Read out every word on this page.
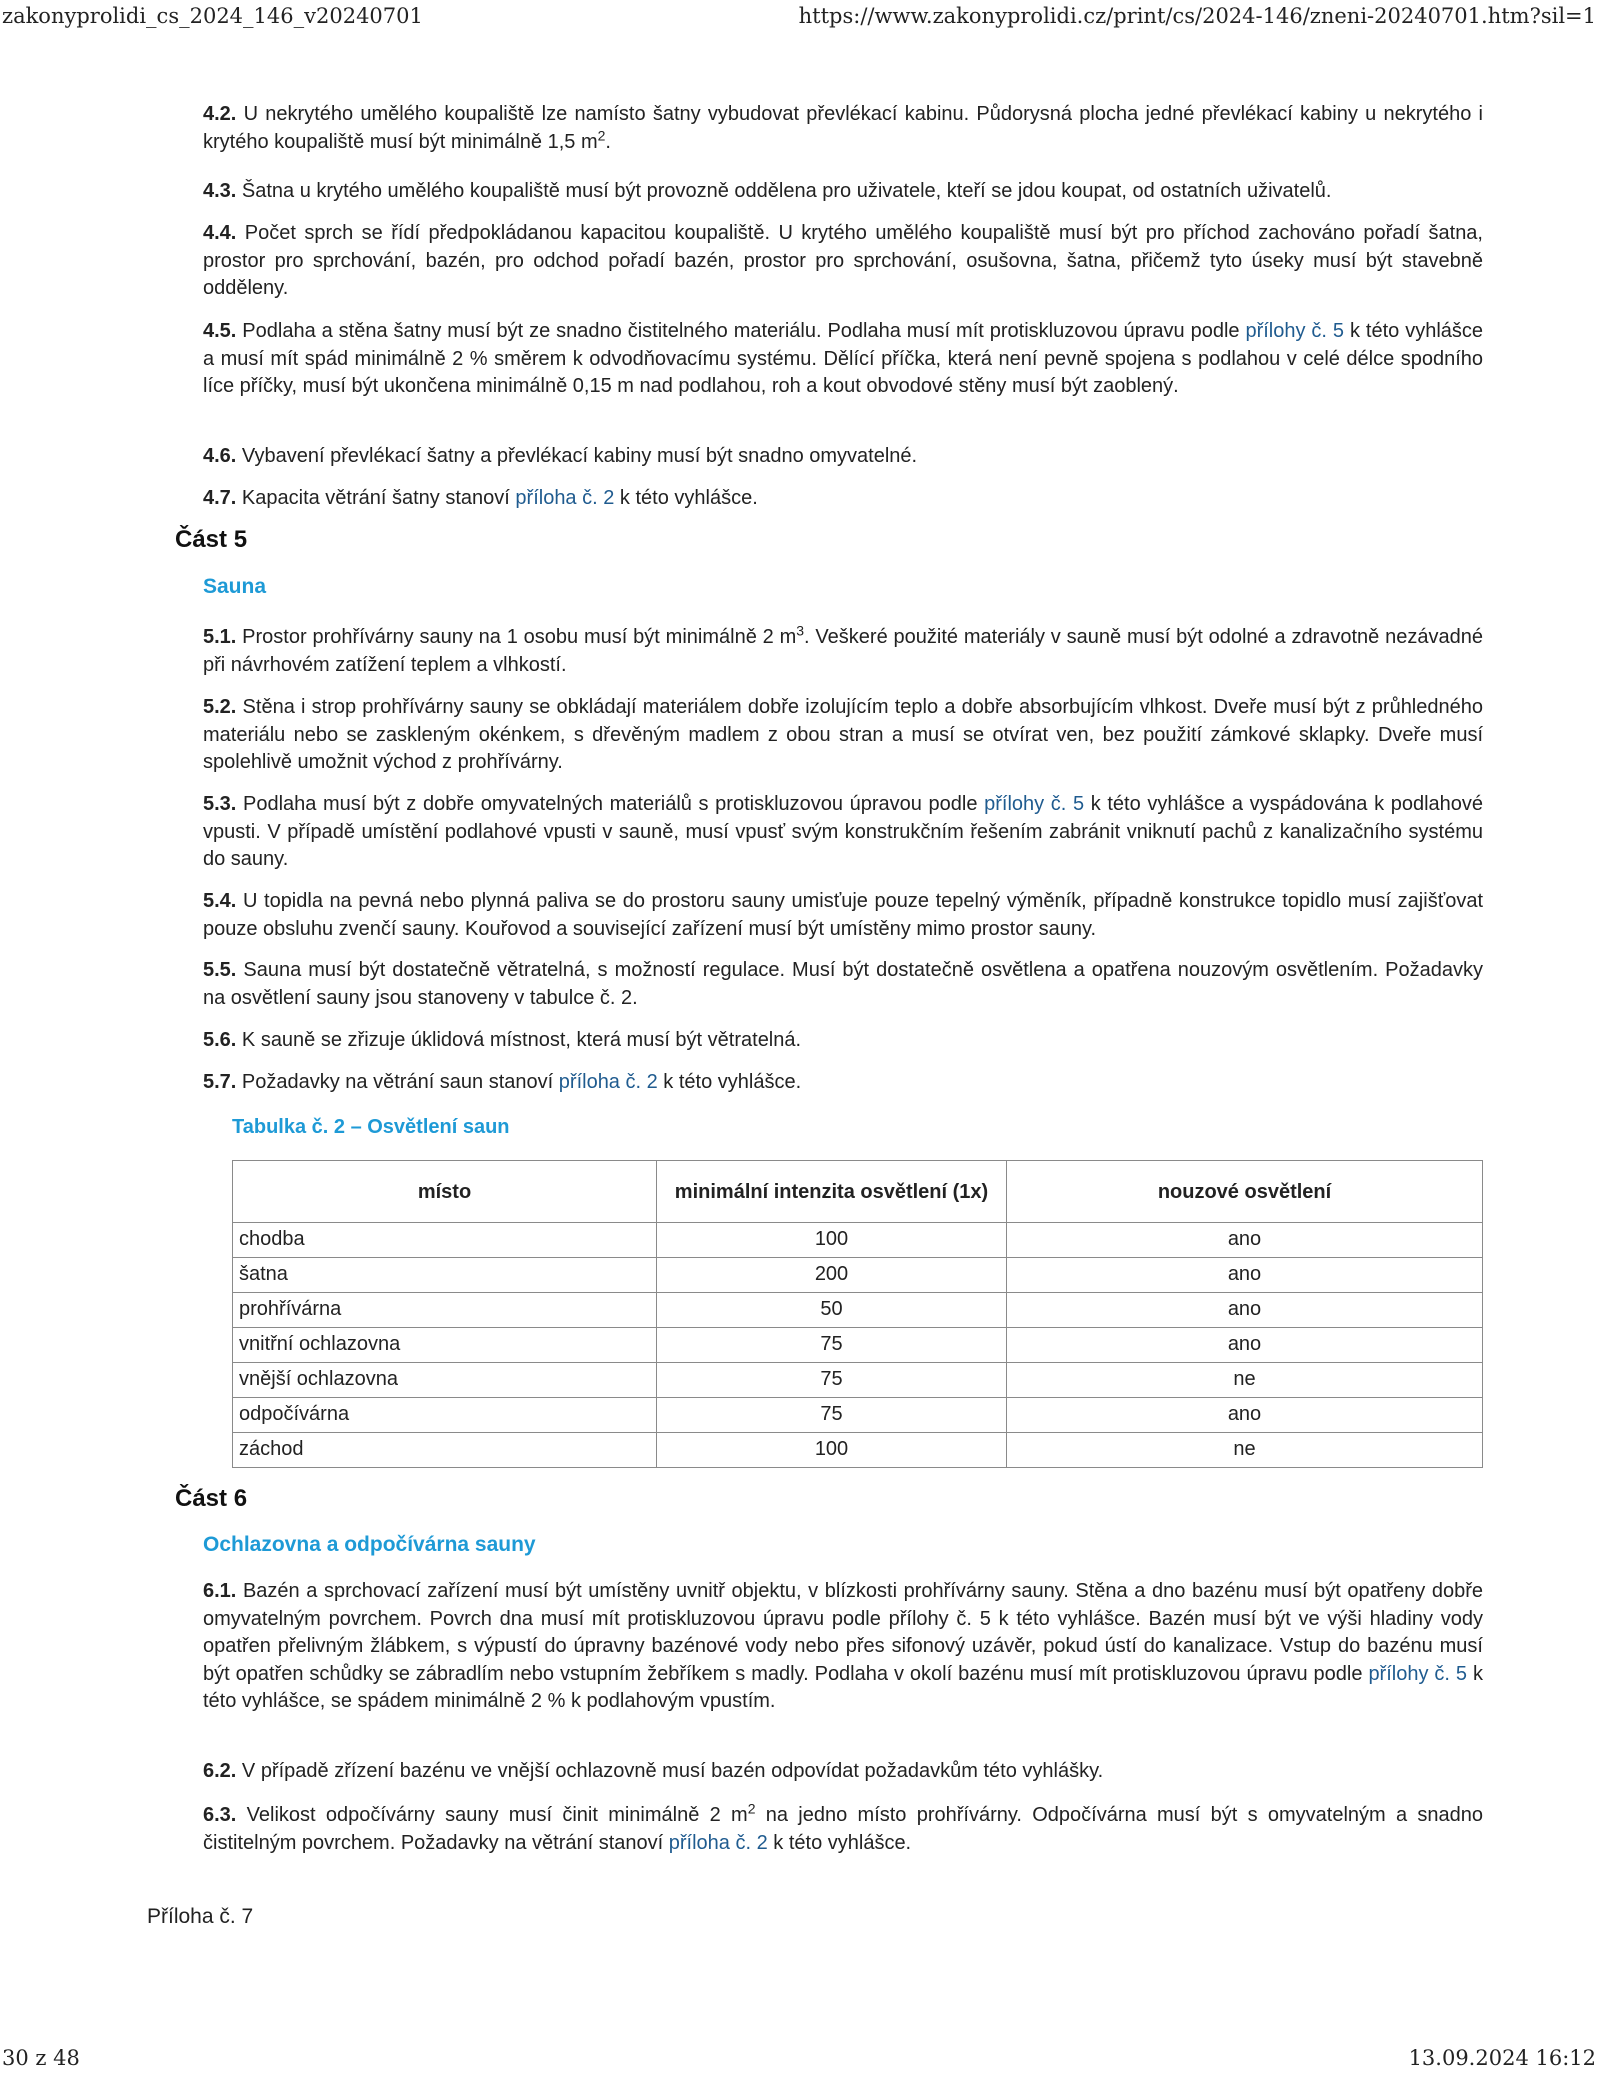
zakonyprolidi_cs_2024_146_v20240701	https://www.zakonyprolidi.cz/print/cs/2024-146/zneni-20240701.htm?sil=1

4.2. U nekrytého umělého koupaliště lze namísto šatny vybudovat převlékací kabinu. Půdorysná plocha jedné převlékací kabiny u nekrytého i krytého koupaliště musí být minimálně 1,5 $m^2$.

4.3. Šatna u krytého umělého koupaliště musí být provozně oddělena pro uživatele, kteří se jdou koupat, od ostatních uživatelů.

4.4. Počet sprch se řídí předpokládanou kapacitou koupaliště. U krytého umělého koupaliště musí být pro příchod zachováno pořadí šatna, prostor pro sprchování, bazén, pro odchod pořadí bazén, prostor pro sprchování, osušovna, šatna, přičemž tyto úseky musí být stavebně odděleny.

4.5. Podlaha a stěna šatny musí být ze snadno čistitelného materiálu. Podlaha musí mít protiskluzovou úpravu podle přílohy č. 5 k této vyhlášce a musí mít spád minimálně 2 % směrem k odvodňovacímu systému. Dělící příčka, která není pevně spojena s podlahou v celé délce spodního líce příčky, musí být ukončena minimálně 0,15 m nad podlahou, roh a kout obvodové stěny musí být zaoblený.

4.6. Vybavení převlékací šatny a převlékací kabiny musí být snadno omyvatelné.

4.7. Kapacita větrání šatny stanoví příloha č. 2 k této vyhlášce.

Část 5
Sauna

5.1. Prostor prohřívárny sauny na 1 osobu musí být minimálně 2 $m^3$. Veškeré použité materiály v sauně musí být odolné a zdravotně nezávadné při návrhovém zatížení teplem a vlhkostí.

5.2. Stěna i strop prohřívárny sauny se obkládají materiálem dobře izolujícím teplo a dobře absorbujícím vlhkost. Dveře musí být z průhledného materiálu nebo se zaskleným okénkem, s dřevěným madlem z obou stran a musí se otvírat ven, bez použití zámkové sklapky. Dveře musí spolehlivě umožnit východ z prohřívárny.

5.3. Podlaha musí být z dobře omyvatelných materiálů s protiskluzovou úpravou podle přílohy č. 5 k této vyhlášce a vyspádována k podlahové vpusti. V případě umístění podlahové vpusti v sauně, musí vpusť svým konstrukčním řešením zabránit vniknutí pachů z kanalizačního systému do sauny.

5.4. U topidla na pevná nebo plynná paliva se do prostoru sauny umisťuje pouze tepelný výměník, případně konstrukce topidlo musí zajišťovat pouze obsluhu zvenčí sauny. Kouřovod a související zařízení musí být umístěny mimo prostor sauny.

5.5. Sauna musí být dostatečně větratelná, s možností regulace. Musí být dostatečně osvětlena a opatřena nouzovým osvětlením. Požadavky na osvětlení sauny jsou stanoveny v tabulce č. 2.

5.6. K sauně se zřizuje úklidová místnost, která musí být větratelná.

5.7. Požadavky na větrání saun stanoví příloha č. 2 k této vyhlášce.

Tabulka č. 2 – Osvětlení saun
místo	minimální intenzita osvětlení (1x)	nouzové osvětlení
chodba	100	ano
šatna	200	ano
prohřívárna	50	ano
vnitřní ochlazovna	75	ano
vnější ochlazovna	75	ne
odpočívárna	75	ano
záchod	100	ne
Část 6
Ochlazovna a odpočívárna sauny

6.1. Bazén a sprchovací zařízení musí být umístěny uvnitř objektu, v blízkosti prohřívárny sauny. Stěna a dno bazénu musí být opatřeny dobře omyvatelným povrchem. Povrch dna musí mít protiskluzovou úpravu podle přílohy č. 5 k této vyhlášce. Bazén musí být ve výši hladiny vody opatřen přelivným žlábkem, s výpustí do úpravny bazénové vody nebo přes sifonový uzávěr, pokud ústí do kanalizace. Vstup do bazénu musí být opatřen schůdky se zábradlím nebo vstupním žebříkem s madly. Podlaha v okolí bazénu musí mít protiskluzovou úpravu podle přílohy č. 5 k této vyhlášce, se spádem minimálně 2 % k podlahovým vpustím.

6.2. V případě zřízení bazénu ve vnější ochlazovně musí bazén odpovídat požadavkům této vyhlášky.

6.3. Velikost odpočívárny sauny musí činit minimálně 2 $m^2$ na jedno místo prohřívárny. Odpočívárna musí být s omyvatelným a snadno čistitelným povrchem. Požadavky na větrání stanoví příloha č. 2 k této vyhlášce.

Příloha č. 7
30 z 48	13.09.2024 16:12
